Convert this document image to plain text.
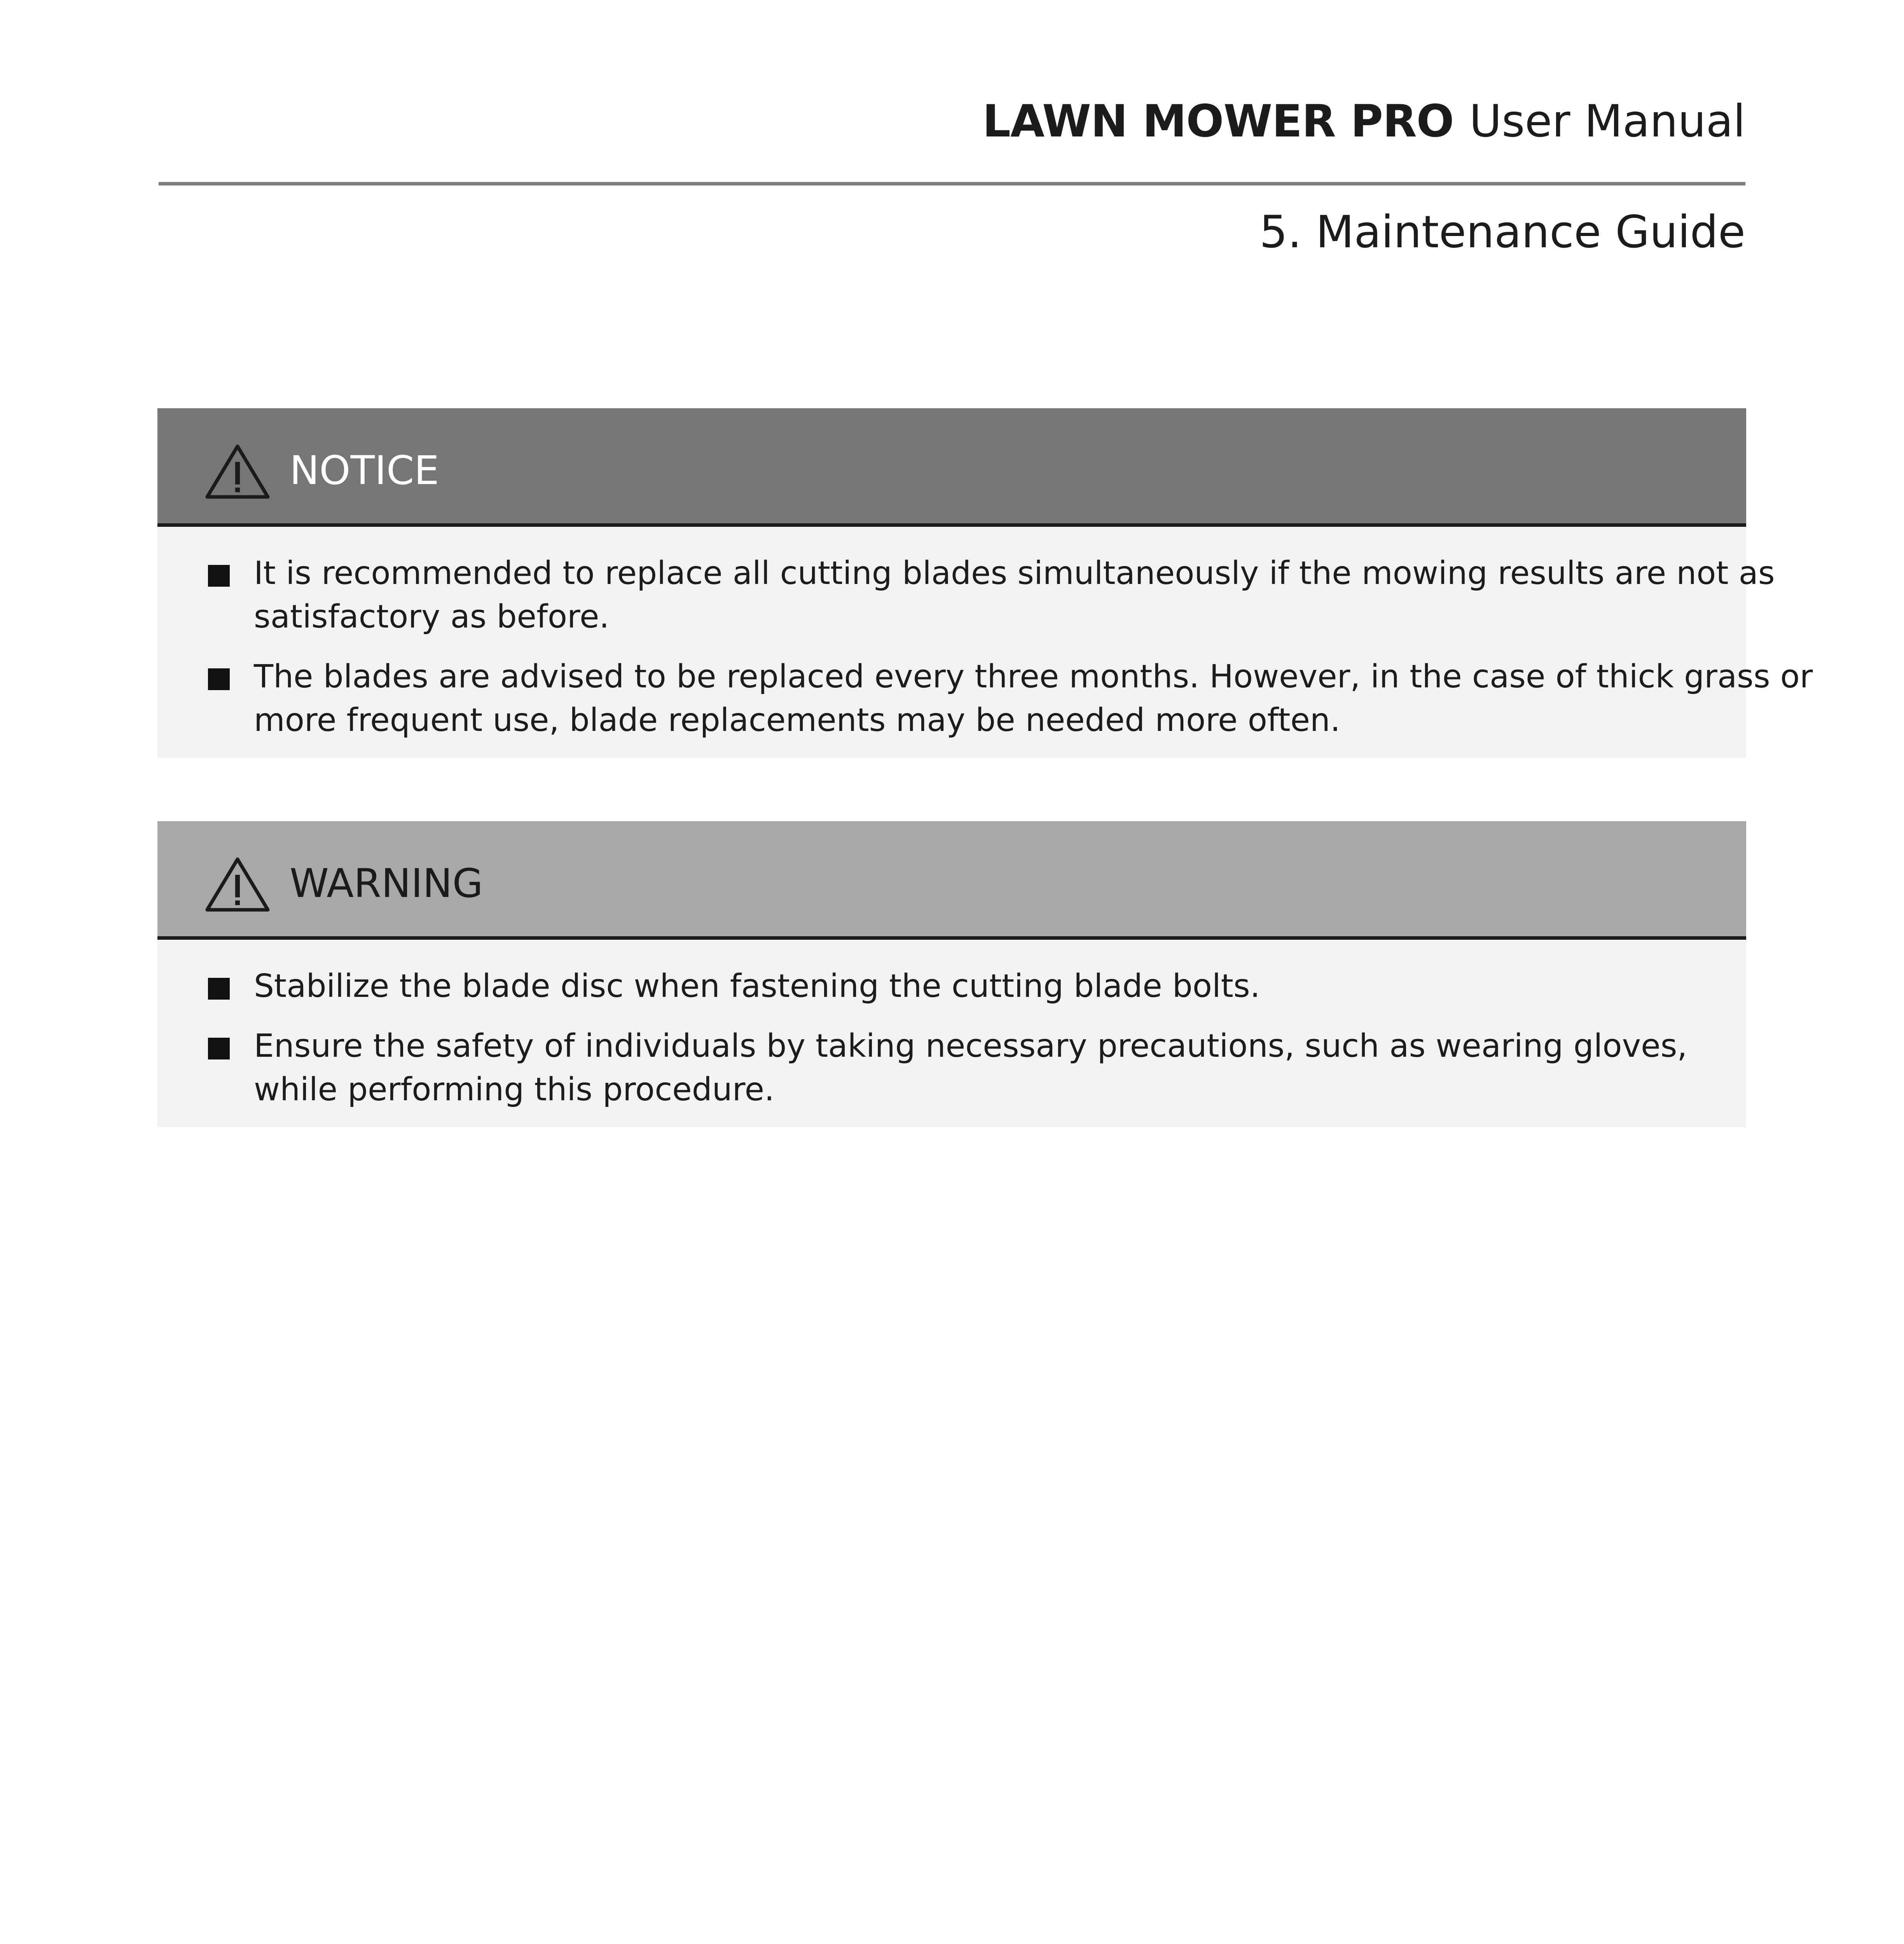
LAWN MOWER PRO User Manual
5. Maintenance Guide
NOTICE
It is recommended to replace all cutting blades simultaneously if the mowing results are not as
satisfactory as before.
The blades are advised to be replaced every three months. However, in the case of thick grass or
more frequent use, blade replacements may be needed more often.
WARNING
Stabilize the blade disc when fastening the cutting blade bolts.
Ensure the safety of individuals by taking necessary precautions, such as wearing gloves,
while performing this procedure.
